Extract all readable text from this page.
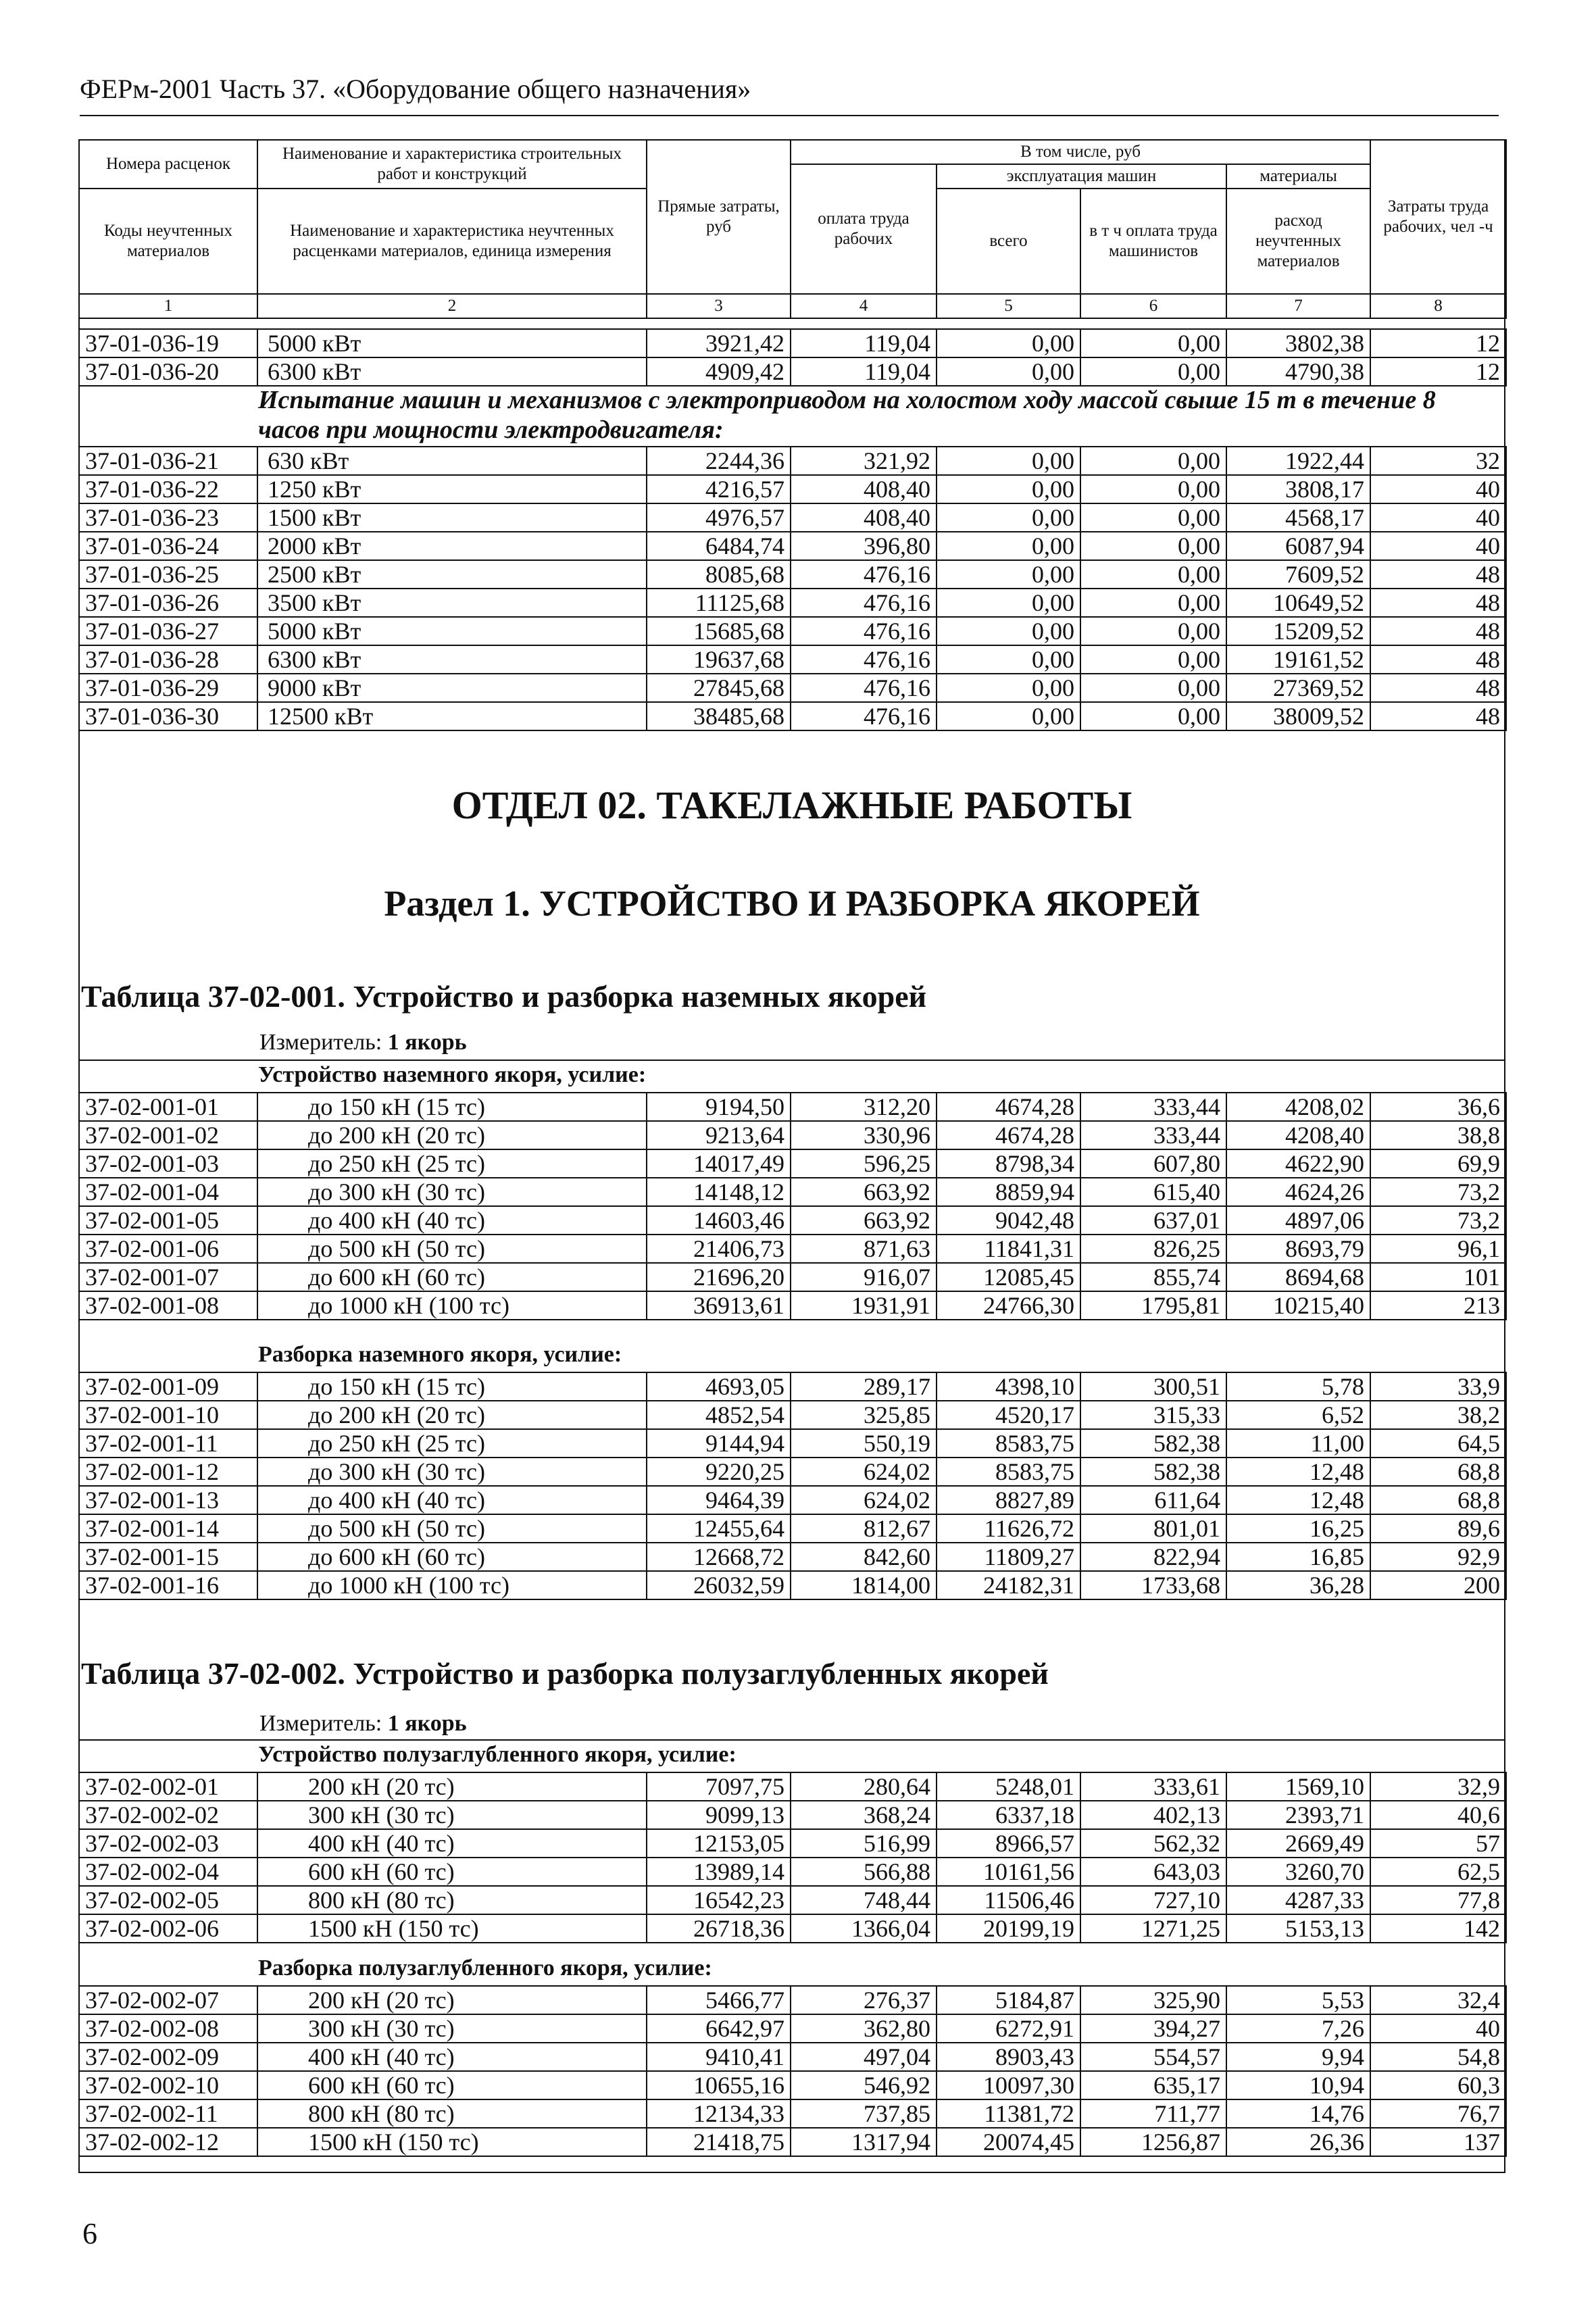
ФЕРм-2001 Часть 37. «Оборудование общего назначения»
Номера расценок	Наименование и характеристика строительных работ и конструкций	Прямые затраты, руб	В том числе, руб				Затраты труда рабочих, чел -ч
			оплата труда рабочих	эксплуатация машин		материалы	
Коды неучтенных материалов	Наименование и характеристика неучтенных расценками материалов, единица измерения			всего	в т ч оплата труда машинистов	расход неучтенных материалов	

1	2	3	4	5	6	7	8
37-01-036-19	5000 кВт	3921,42	119,04	0,00	0,00	3802,38	12
37-01-036-20	6300 кВт	4909,42	119,04	0,00	0,00	4790,38	12
Испытание машин и механизмов с электроприводом на холостом ходу массой свыше 15 т в течение 8 часов при мощности электродвигателя:
37-01-036-21	630 кВт	2244,36	321,92	0,00	0,00	1922,44	32
37-01-036-22	1250 кВт	4216,57	408,40	0,00	0,00	3808,17	40
37-01-036-23	1500 кВт	4976,57	408,40	0,00	0,00	4568,17	40
37-01-036-24	2000 кВт	6484,74	396,80	0,00	0,00	6087,94	40
37-01-036-25	2500 кВт	8085,68	476,16	0,00	0,00	7609,52	48
37-01-036-26	3500 кВт	11125,68	476,16	0,00	0,00	10649,52	48
37-01-036-27	5000 кВт	15685,68	476,16	0,00	0,00	15209,52	48
37-01-036-28	6300 кВт	19637,68	476,16	0,00	0,00	19161,52	48
37-01-036-29	9000 кВт	27845,68	476,16	0,00	0,00	27369,52	48
37-01-036-30	12500 кВт	38485,68	476,16	0,00	0,00	38009,52	48
ОТДЕЛ 02. ТАКЕЛАЖНЫЕ РАБОТЫ
Раздел 1. УСТРОЙСТВО И РАЗБОРКА ЯКОРЕЙ
Таблица 37-02-001. Устройство и разборка наземных якорей
Измеритель: 1 якорь
Устройство наземного якоря, усилие:
37-02-001-01	до 150 кН (15 тс)	9194,50	312,20	4674,28	333,44	4208,02	36,6
37-02-001-02	до 200 кН (20 тс)	9213,64	330,96	4674,28	333,44	4208,40	38,8
37-02-001-03	до 250 кН (25 тс)	14017,49	596,25	8798,34	607,80	4622,90	69,9
37-02-001-04	до 300 кН (30 тс)	14148,12	663,92	8859,94	615,40	4624,26	73,2
37-02-001-05	до 400 кН (40 тс)	14603,46	663,92	9042,48	637,01	4897,06	73,2
37-02-001-06	до 500 кН (50 тс)	21406,73	871,63	11841,31	826,25	8693,79	96,1
37-02-001-07	до 600 кН (60 тс)	21696,20	916,07	12085,45	855,74	8694,68	101
37-02-001-08	до 1000 кН (100 тс)	36913,61	1931,91	24766,30	1795,81	10215,40	213
Разборка наземного якоря, усилие:
37-02-001-09	до 150 кН (15 тс)	4693,05	289,17	4398,10	300,51	5,78	33,9
37-02-001-10	до 200 кН (20 тс)	4852,54	325,85	4520,17	315,33	6,52	38,2
37-02-001-11	до 250 кН (25 тс)	9144,94	550,19	8583,75	582,38	11,00	64,5
37-02-001-12	до 300 кН (30 тс)	9220,25	624,02	8583,75	582,38	12,48	68,8
37-02-001-13	до 400 кН (40 тс)	9464,39	624,02	8827,89	611,64	12,48	68,8
37-02-001-14	до 500 кН (50 тс)	12455,64	812,67	11626,72	801,01	16,25	89,6
37-02-001-15	до 600 кН (60 тс)	12668,72	842,60	11809,27	822,94	16,85	92,9
37-02-001-16	до 1000 кН (100 тс)	26032,59	1814,00	24182,31	1733,68	36,28	200
Таблица 37-02-002. Устройство и разборка полузаглубленных якорей
Измеритель: 1 якорь
Устройство полузаглубленного якоря, усилие:
37-02-002-01	200 кН (20 тс)	7097,75	280,64	5248,01	333,61	1569,10	32,9
37-02-002-02	300 кН (30 тс)	9099,13	368,24	6337,18	402,13	2393,71	40,6
37-02-002-03	400 кН (40 тс)	12153,05	516,99	8966,57	562,32	2669,49	57
37-02-002-04	600 кН (60 тс)	13989,14	566,88	10161,56	643,03	3260,70	62,5
37-02-002-05	800 кН (80 тс)	16542,23	748,44	11506,46	727,10	4287,33	77,8
37-02-002-06	1500 кН (150 тс)	26718,36	1366,04	20199,19	1271,25	5153,13	142
Разборка полузаглубленного якоря, усилие:
37-02-002-07	200 кН (20 тс)	5466,77	276,37	5184,87	325,90	5,53	32,4
37-02-002-08	300 кН (30 тс)	6642,97	362,80	6272,91	394,27	7,26	40
37-02-002-09	400 кН (40 тс)	9410,41	497,04	8903,43	554,57	9,94	54,8
37-02-002-10	600 кН (60 тс)	10655,16	546,92	10097,30	635,17	10,94	60,3
37-02-002-11	800 кН (80 тс)	12134,33	737,85	11381,72	711,77	14,76	76,7
37-02-002-12	1500 кН (150 тс)	21418,75	1317,94	20074,45	1256,87	26,36	137
6
